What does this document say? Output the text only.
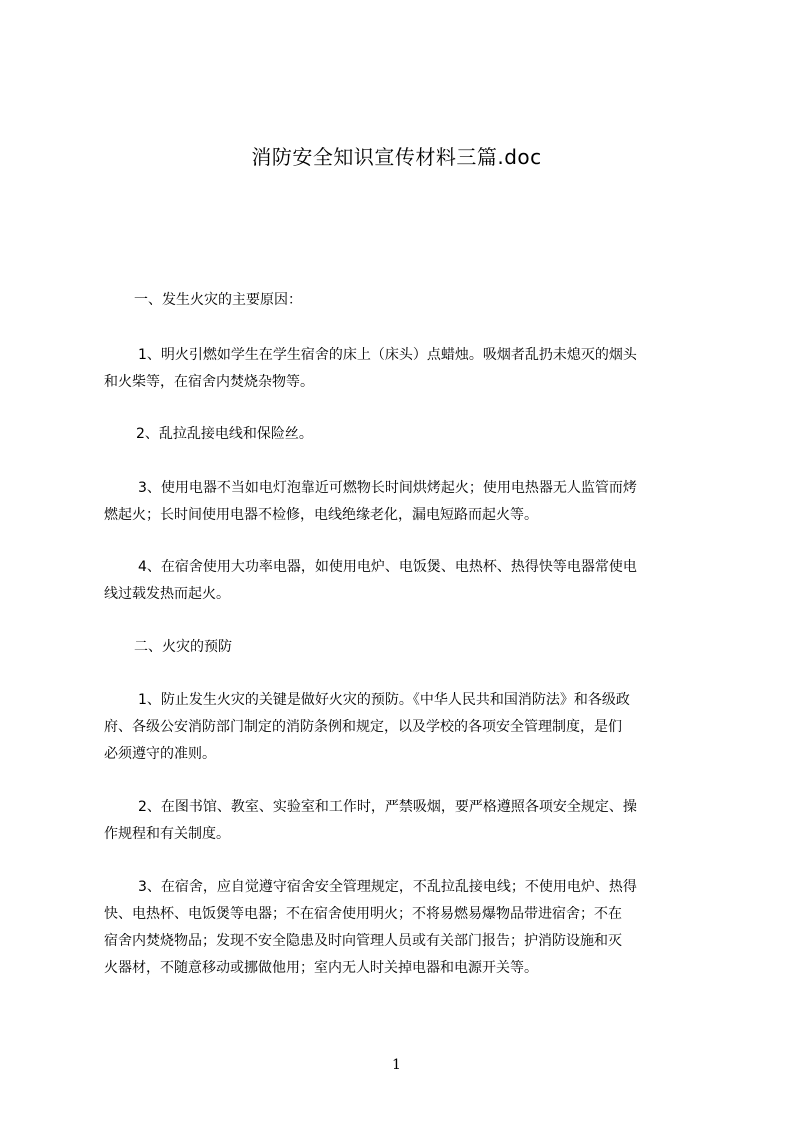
消防安全知识宣传材料三篇.doc
一、发生火灾的主要原因：
1、明火引燃如学生在学生宿舍的床上（床头）点蜡烛。吸烟者乱扔未熄灭的烟头
和火柴等，在宿舍内焚烧杂物等。
2、乱拉乱接电线和保险丝。
3、使用电器不当如电灯泡靠近可燃物长时间烘烤起火；使用电热器无人监管而烤
燃起火；长时间使用电器不检修，电线绝缘老化，漏电短路而起火等。
4、在宿舍使用大功率电器，如使用电炉、电饭煲、电热杯、热得快等电器常使电
线过载发热而起火。
二、火灾的预防
1、防止发生火灾的关键是做好火灾的预防。《中华人民共和国消防法》和各级政
府、各级公安消防部门制定的消防条例和规定，以及学校的各项安全管理制度，是们
必须遵守的准则。
2、在图书馆、教室、实验室和工作时，严禁吸烟，要严格遵照各项安全规定、操
作规程和有关制度。
3、在宿舍，应自觉遵守宿舍安全管理规定，不乱拉乱接电线；不使用电炉、热得
快、电热杯、电饭煲等电器；不在宿舍使用明火；不将易燃易爆物品带进宿舍；不在
宿舍内焚烧物品；发现不安全隐患及时向管理人员或有关部门报告；护消防设施和灭
火器材，不随意移动或挪做他用；室内无人时关掉电器和电源开关等。
1
